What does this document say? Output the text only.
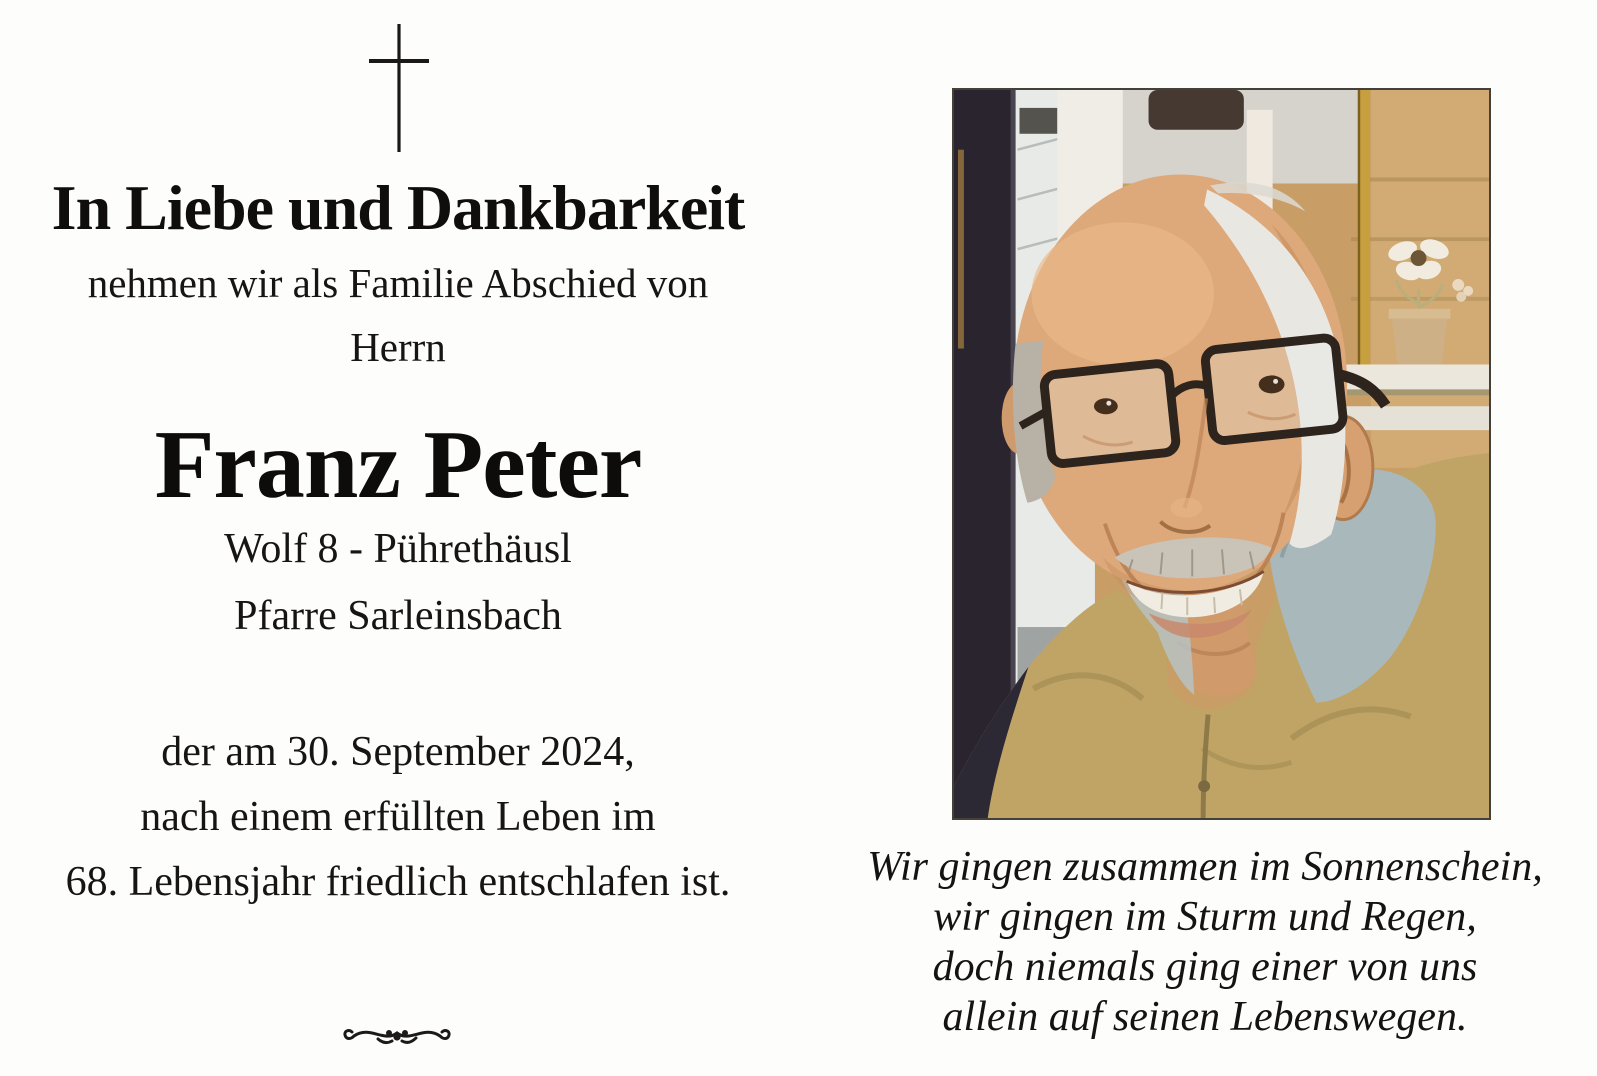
In Liebe und Dankbarkeit
nehmen wir als Familie Abschied von
Herrn
Franz Peter
Wolf 8 - Pührethäusl
Pfarre Sarleinsbach
der am 30. September 2024,
nach einem erfüllten Leben im
68. Lebensjahr friedlich entschlafen ist.	Wir gingen zusammen im Sonnenschein,
wir gingen im Sturm und Regen,
doch niemals ging einer von uns
allein auf seinen Lebenswegen.
